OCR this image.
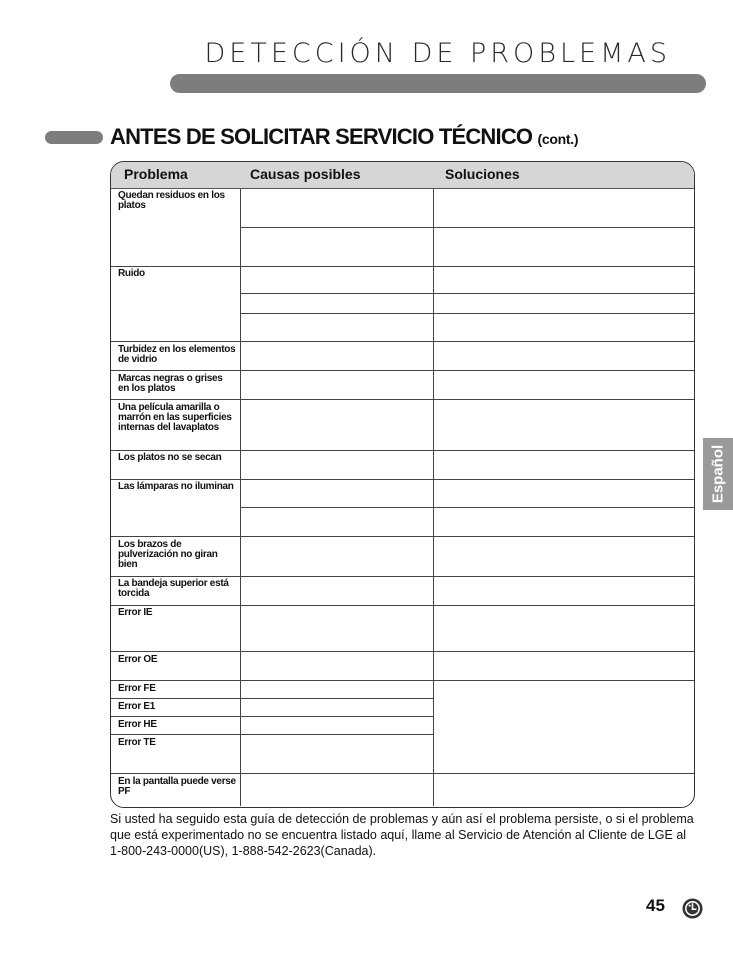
DETECCIÓN DE PROBLEMAS
ANTES DE SOLICITAR SERVICIO TÉCNICO (cont.)
Problema	Causas posibles	Soluciones
Quedan residuos en los platos
Ruido
Turbidez en los elementos de vidrio
Marcas negras o grises en los platos
Una película amarilla o marrón en las superficies internas del lavaplatos
Los platos no se secan
Las lámparas no iluminan
Los brazos de pulverización no giran bien
La bandeja superior está torcida
Error IE
Error OE
Error FE
Error E1
Error HE
Error TE
En la pantalla puede verse PF
Si usted ha seguido esta guía de detección de problemas y aún así el problema persiste, o si el problema que está experimentado no se encuentra listado aquí, llame al Servicio de Atención al Cliente de LGE al 1-800-243-0000(US), 1-888-542-2623(Canada).
Español
45
